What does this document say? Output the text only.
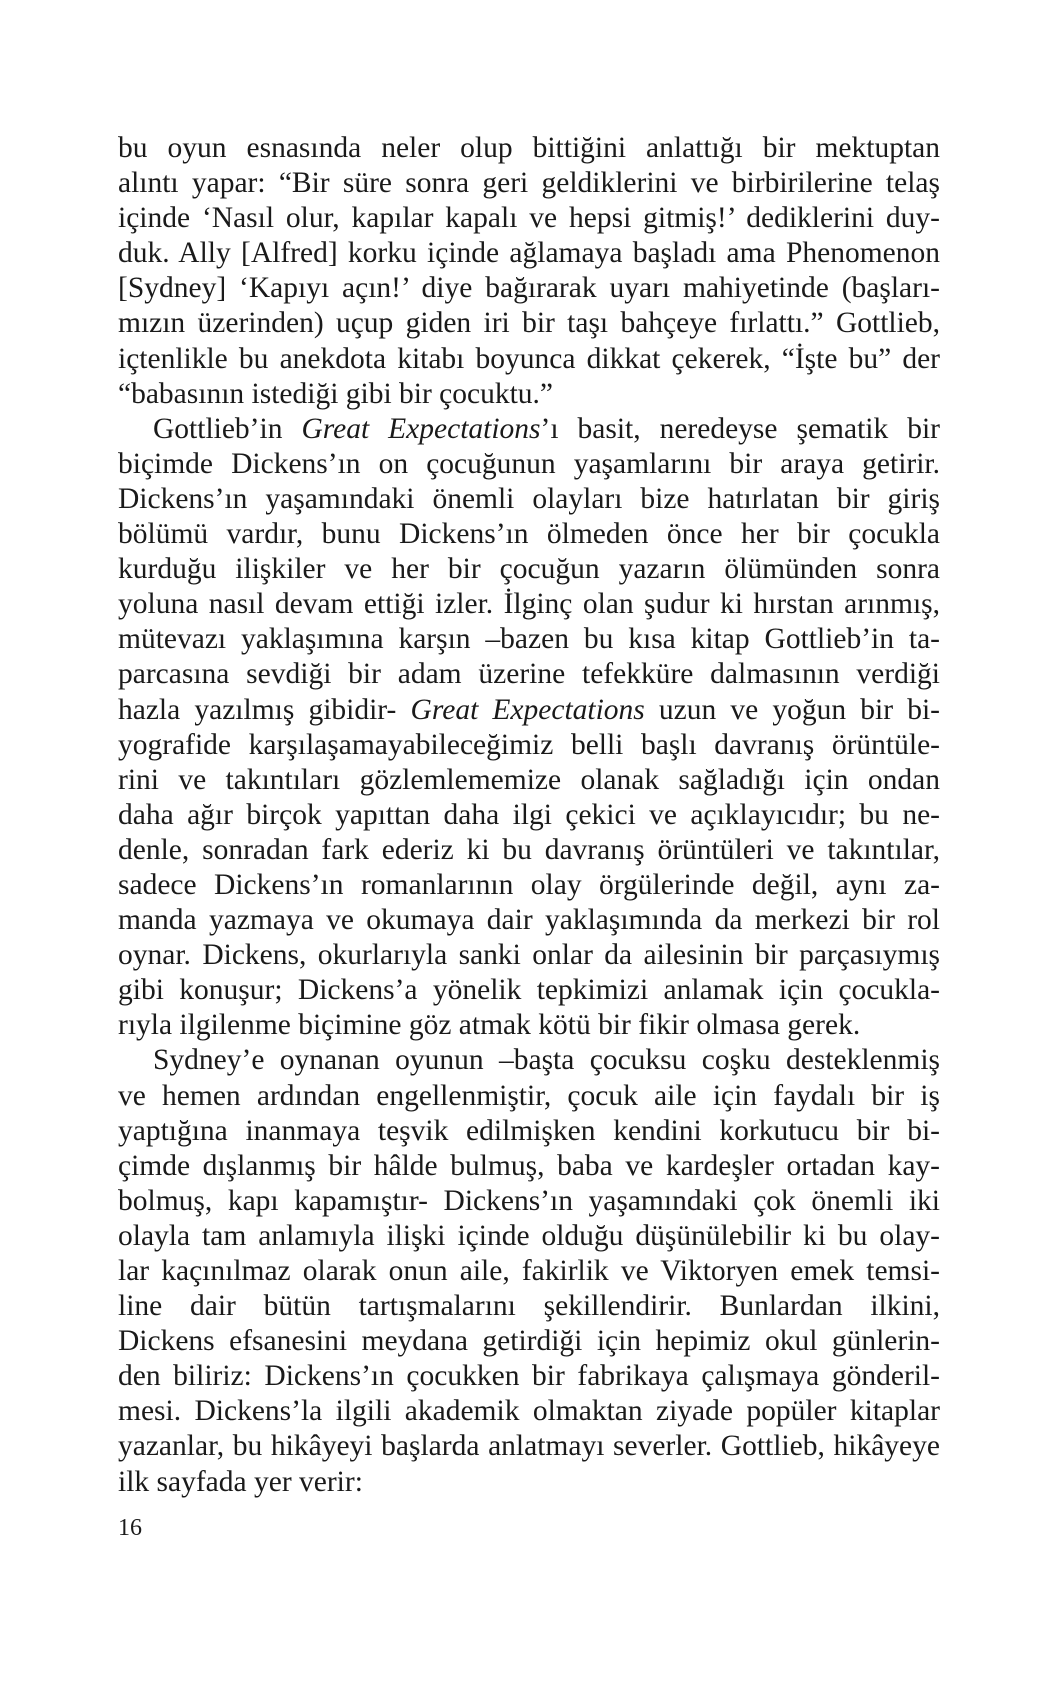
bu oyun esnasında neler olup bittiğini anlattığı bir mektuptan
alıntı yapar: “Bir süre sonra geri geldiklerini ve birbirilerine telaş
içinde ‘Nasıl olur, kapılar kapalı ve hepsi gitmiş!’ dediklerini duy-
duk. Ally [Alfred] korku içinde ağlamaya başladı ama Phenomenon
[Sydney] ‘Kapıyı açın!’ diye bağırarak uyarı mahiyetinde (başları-
mızın üzerinden) uçup giden iri bir taşı bahçeye fırlattı.” Gottlieb,
içtenlikle bu anekdota kitabı boyunca dikkat çekerek, “İşte bu” der
“babasının istediği gibi bir çocuktu.”
Gottlieb’in Great Expectations’ı basit, neredeyse şematik bir
biçimde Dickens’ın on çocuğunun yaşamlarını bir araya getirir.
Dickens’ın yaşamındaki önemli olayları bize hatırlatan bir giriş
bölümü vardır, bunu Dickens’ın ölmeden önce her bir çocukla
kurduğu ilişkiler ve her bir çocuğun yazarın ölümünden sonra
yoluna nasıl devam ettiği izler. İlginç olan şudur ki hırstan arınmış,
mütevazı yaklaşımına karşın –bazen bu kısa kitap Gottlieb’in ta-
parcasına sevdiği bir adam üzerine tefekküre dalmasının verdiği
hazla yazılmış gibidir- Great Expectations uzun ve yoğun bir bi-
yografide karşılaşamayabileceğimiz belli başlı davranış örüntüle-
rini ve takıntıları gözlemlememize olanak sağladığı için ondan
daha ağır birçok yapıttan daha ilgi çekici ve açıklayıcıdır; bu ne-
denle, sonradan fark ederiz ki bu davranış örüntüleri ve takıntılar,
sadece Dickens’ın romanlarının olay örgülerinde değil, aynı za-
manda yazmaya ve okumaya dair yaklaşımında da merkezi bir rol
oynar. Dickens, okurlarıyla sanki onlar da ailesinin bir parçasıymış
gibi konuşur; Dickens’a yönelik tepkimizi anlamak için çocukla-
rıyla ilgilenme biçimine göz atmak kötü bir fikir olmasa gerek.
Sydney’e oynanan oyunun –başta çocuksu coşku desteklenmiş
ve hemen ardından engellenmiştir, çocuk aile için faydalı bir iş
yaptığına inanmaya teşvik edilmişken kendini korkutucu bir bi-
çimde dışlanmış bir hâlde bulmuş, baba ve kardeşler ortadan kay-
bolmuş, kapı kapamıştır- Dickens’ın yaşamındaki çok önemli iki
olayla tam anlamıyla ilişki içinde olduğu düşünülebilir ki bu olay-
lar kaçınılmaz olarak onun aile, fakirlik ve Viktoryen emek temsi-
line dair bütün tartışmalarını şekillendirir. Bunlardan ilkini,
Dickens efsanesini meydana getirdiği için hepimiz okul günlerin-
den biliriz: Dickens’ın çocukken bir fabrikaya çalışmaya gönderil-
mesi. Dickens’la ilgili akademik olmaktan ziyade popüler kitaplar
yazanlar, bu hikâyeyi başlarda anlatmayı severler. Gottlieb, hikâyeye
ilk sayfada yer verir:
16
